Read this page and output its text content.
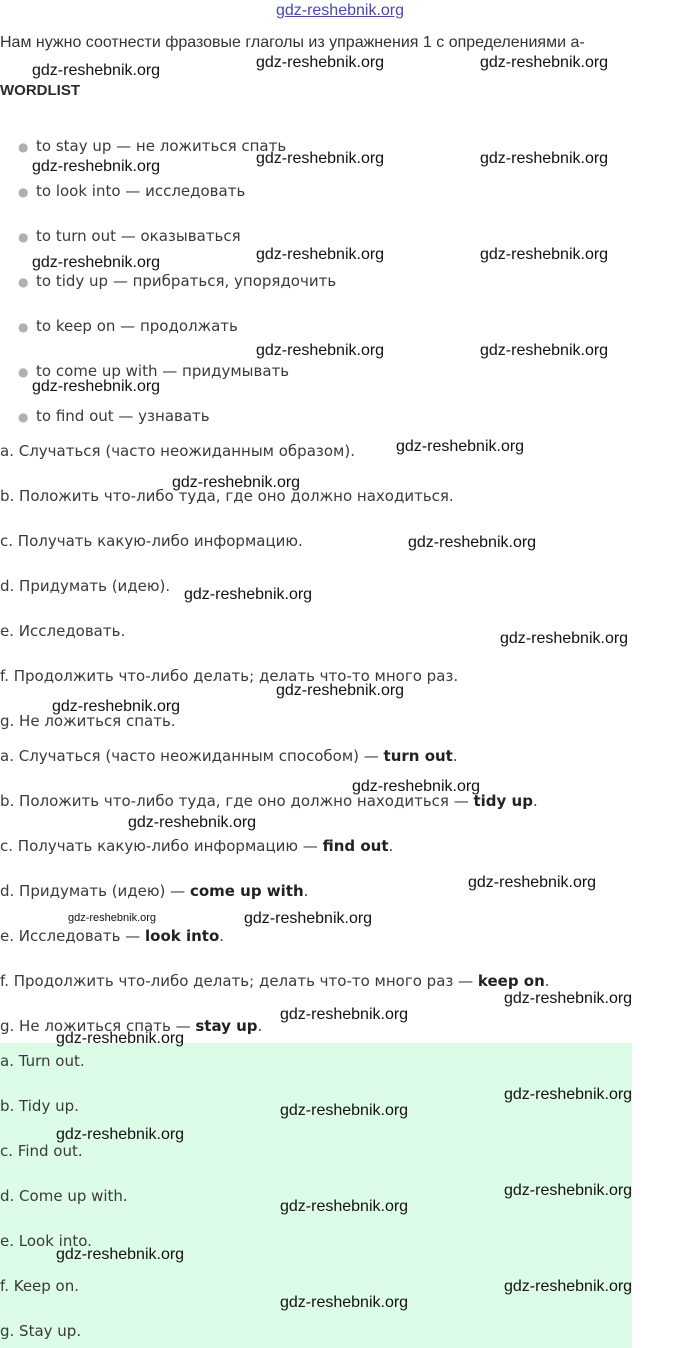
gdz-reshebnik.org
Нам нужно соотнести фразовые глаголы из упражнения 1 с определениями a-
WORDLIST
● to stay up — не ложиться спать
● to look into — исследовать
● to turn out — оказываться
● to tidy up — прибраться, упорядочить
● to keep on — продолжать
● to come up with — придумывать
● to find out — узнавать
a. Случаться (часто неожиданным образом).
b. Положить что-либо туда, где оно должно находиться.
c. Получать какую-либо информацию.
d. Придумать (идею).
e. Исследовать.
f. Продолжить что-либо делать; делать что-то много раз.
g. Не ложиться спать.
a. Случаться (часто неожиданным способом) — turn out.
b. Положить что-либо туда, где оно должно находиться — tidy up.
c. Получать какую-либо информацию — find out.
d. Придумать (идею) — come up with.
e. Исследовать — look into.
f. Продолжить что-либо делать; делать что-то много раз — keep on.
g. Не ложиться спать — stay up.
a. Turn out.
b. Tidy up.
c. Find out.
d. Come up with.
e. Look into.
f. Keep on.
g. Stay up.
gdz-reshebnik.org	gdz-reshebnik.org	gdz-reshebnik.org
gdz-reshebnik.org	gdz-reshebnik.org	gdz-reshebnik.org
gdz-reshebnik.org	gdz-reshebnik.org	gdz-reshebnik.org
gdz-reshebnik.org	gdz-reshebnik.org
gdz-reshebnik.org
gdz-reshebnik.org
gdz-reshebnik.org
gdz-reshebnik.org
gdz-reshebnik.org
gdz-reshebnik.org
gdz-reshebnik.org
gdz-reshebnik.org
gdz-reshebnik.org
gdz-reshebnik.org
gdz-reshebnik.org
gdz-reshebnik.org	gdz-reshebnik.org
gdz-reshebnik.org
gdz-reshebnik.org
gdz-reshebnik.org
gdz-reshebnik.org
gdz-reshebnik.org
gdz-reshebnik.org
gdz-reshebnik.org
gdz-reshebnik.org
gdz-reshebnik.org
gdz-reshebnik.org
gdz-reshebnik.org
